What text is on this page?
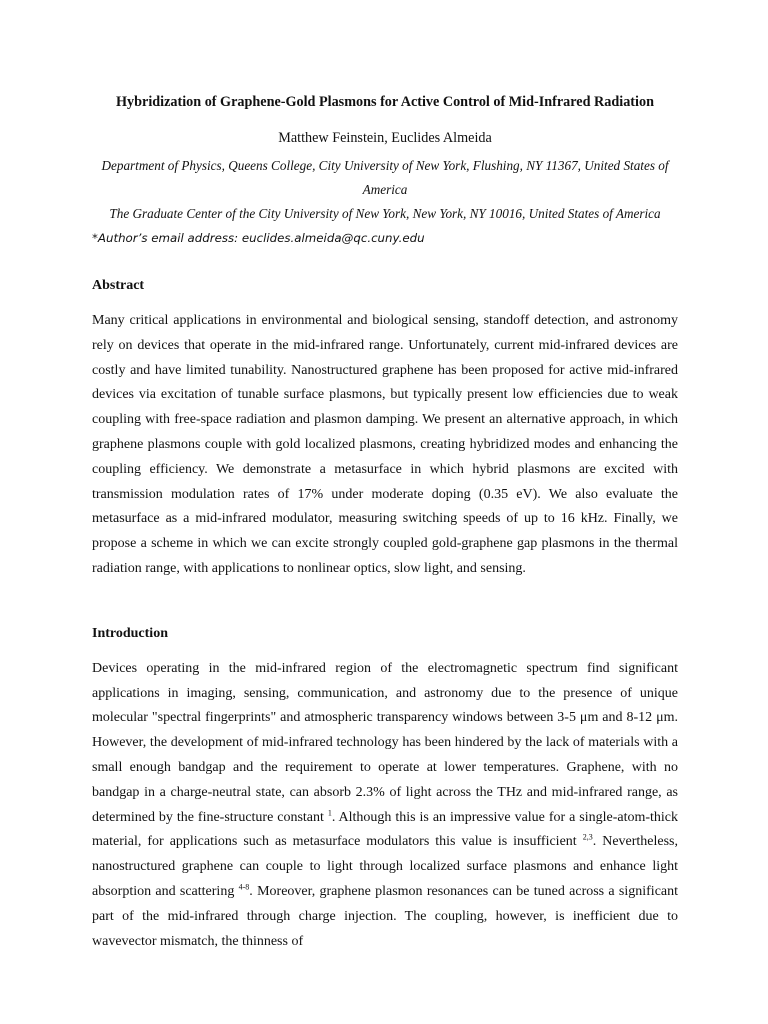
Hybridization of Graphene-Gold Plasmons for Active Control of Mid-Infrared Radiation
Matthew Feinstein, Euclides Almeida
Department of Physics, Queens College, City University of New York, Flushing, NY 11367, United States of America
The Graduate Center of the City University of New York, New York, NY 10016, United States of America
*Author’s email address: euclides.almeida@qc.cuny.edu
Abstract

Many critical applications in environmental and biological sensing, standoff detection, and astronomy rely on devices that operate in the mid-infrared range. Unfortunately, current mid-infrared devices are costly and have limited tunability. Nanostructured graphene has been proposed for active mid-infrared devices via excitation of tunable surface plasmons, but typically present low efficiencies due to weak coupling with free-space radiation and plasmon damping. We present an alternative approach, in which graphene plasmons couple with gold localized plasmons, creating hybridized modes and enhancing the coupling efficiency. We demonstrate a metasurface in which hybrid plasmons are excited with transmission modulation rates of 17% under moderate doping (0.35 eV). We also evaluate the metasurface as a mid-infrared modulator, measuring switching speeds of up to 16 kHz. Finally, we propose a scheme in which we can excite strongly coupled gold-graphene gap plasmons in the thermal radiation range, with applications to nonlinear optics, slow light, and sensing.

Introduction

Devices operating in the mid-infrared region of the electromagnetic spectrum find significant applications in imaging, sensing, communication, and astronomy due to the presence of unique molecular "spectral fingerprints" and atmospheric transparency windows between 3-5 μm and 8-12 μm. However, the development of mid-infrared technology has been hindered by the lack of materials with a small enough bandgap and the requirement to operate at lower temperatures. Graphene, with no bandgap in a charge-neutral state, can absorb 2.3% of light across the THz and mid-infrared range, as determined by the fine-structure constant $^1$. Although this is an impressive value for a single-atom-thick material, for applications such as metasurface modulators this value is insufficient $^{2,3}$. Nevertheless, nanostructured graphene can couple to light through localized surface plasmons and enhance light absorption and scattering $^{4-8}$. Moreover, graphene plasmon resonances can be tuned across a significant part of the mid-infrared through charge injection. The coupling, however, is inefficient due to wavevector mismatch, the thinness of
